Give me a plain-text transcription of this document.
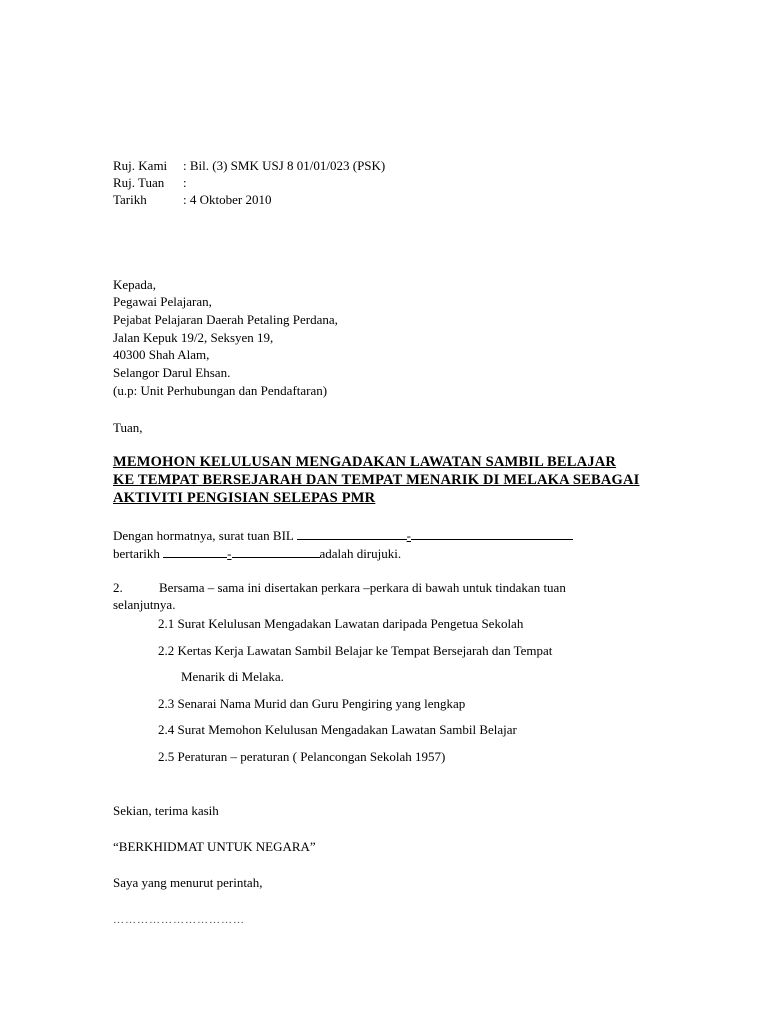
Ruj. Kami : Bil. (3) SMK USJ 8 01/01/023 (PSK)
Ruj. Tuan :
Tarikh	: 4 Oktober 2010
Kepada,
Pegawai Pelajaran,
Pejabat Pelajaran Daerah Petaling Perdana,
Jalan Kepuk 19/2, Seksyen 19,
40300 Shah Alam,
Selangor Darul Ehsan.
(u.p: Unit Perhubungan dan Pendaftaran)
Tuan,
MEMOHON KELULUSAN MENGADAKAN LAWATAN SAMBIL BELAJAR
KE TEMPAT BERSEJARAH DAN TEMPAT MENARIK DI MELAKA SEBAGAI
AKTIVITI PENGISIAN SELEPAS PMR
Dengan hormatnya, surat tuan BIL	-
bertarikh	-	adalah dirujuki.
2.	Bersama – sama ini disertakan perkara –perkara di bawah untuk tindakan tuan
selanjutnya.
2.1 Surat Kelulusan Mengadakan Lawatan daripada Pengetua Sekolah
2.2 Kertas Kerja Lawatan Sambil Belajar ke Tempat Bersejarah dan Tempat
Menarik di Melaka.
2.3 Senarai Nama Murid dan Guru Pengiring yang lengkap
2.4 Surat Memohon Kelulusan Mengadakan Lawatan Sambil Belajar
2.5 Peraturan – peraturan ( Pelancongan Sekolah 1957)
Sekian, terima kasih
“BERKHIDMAT UNTUK NEGARA”
Saya yang menurut perintah,
……………………………
